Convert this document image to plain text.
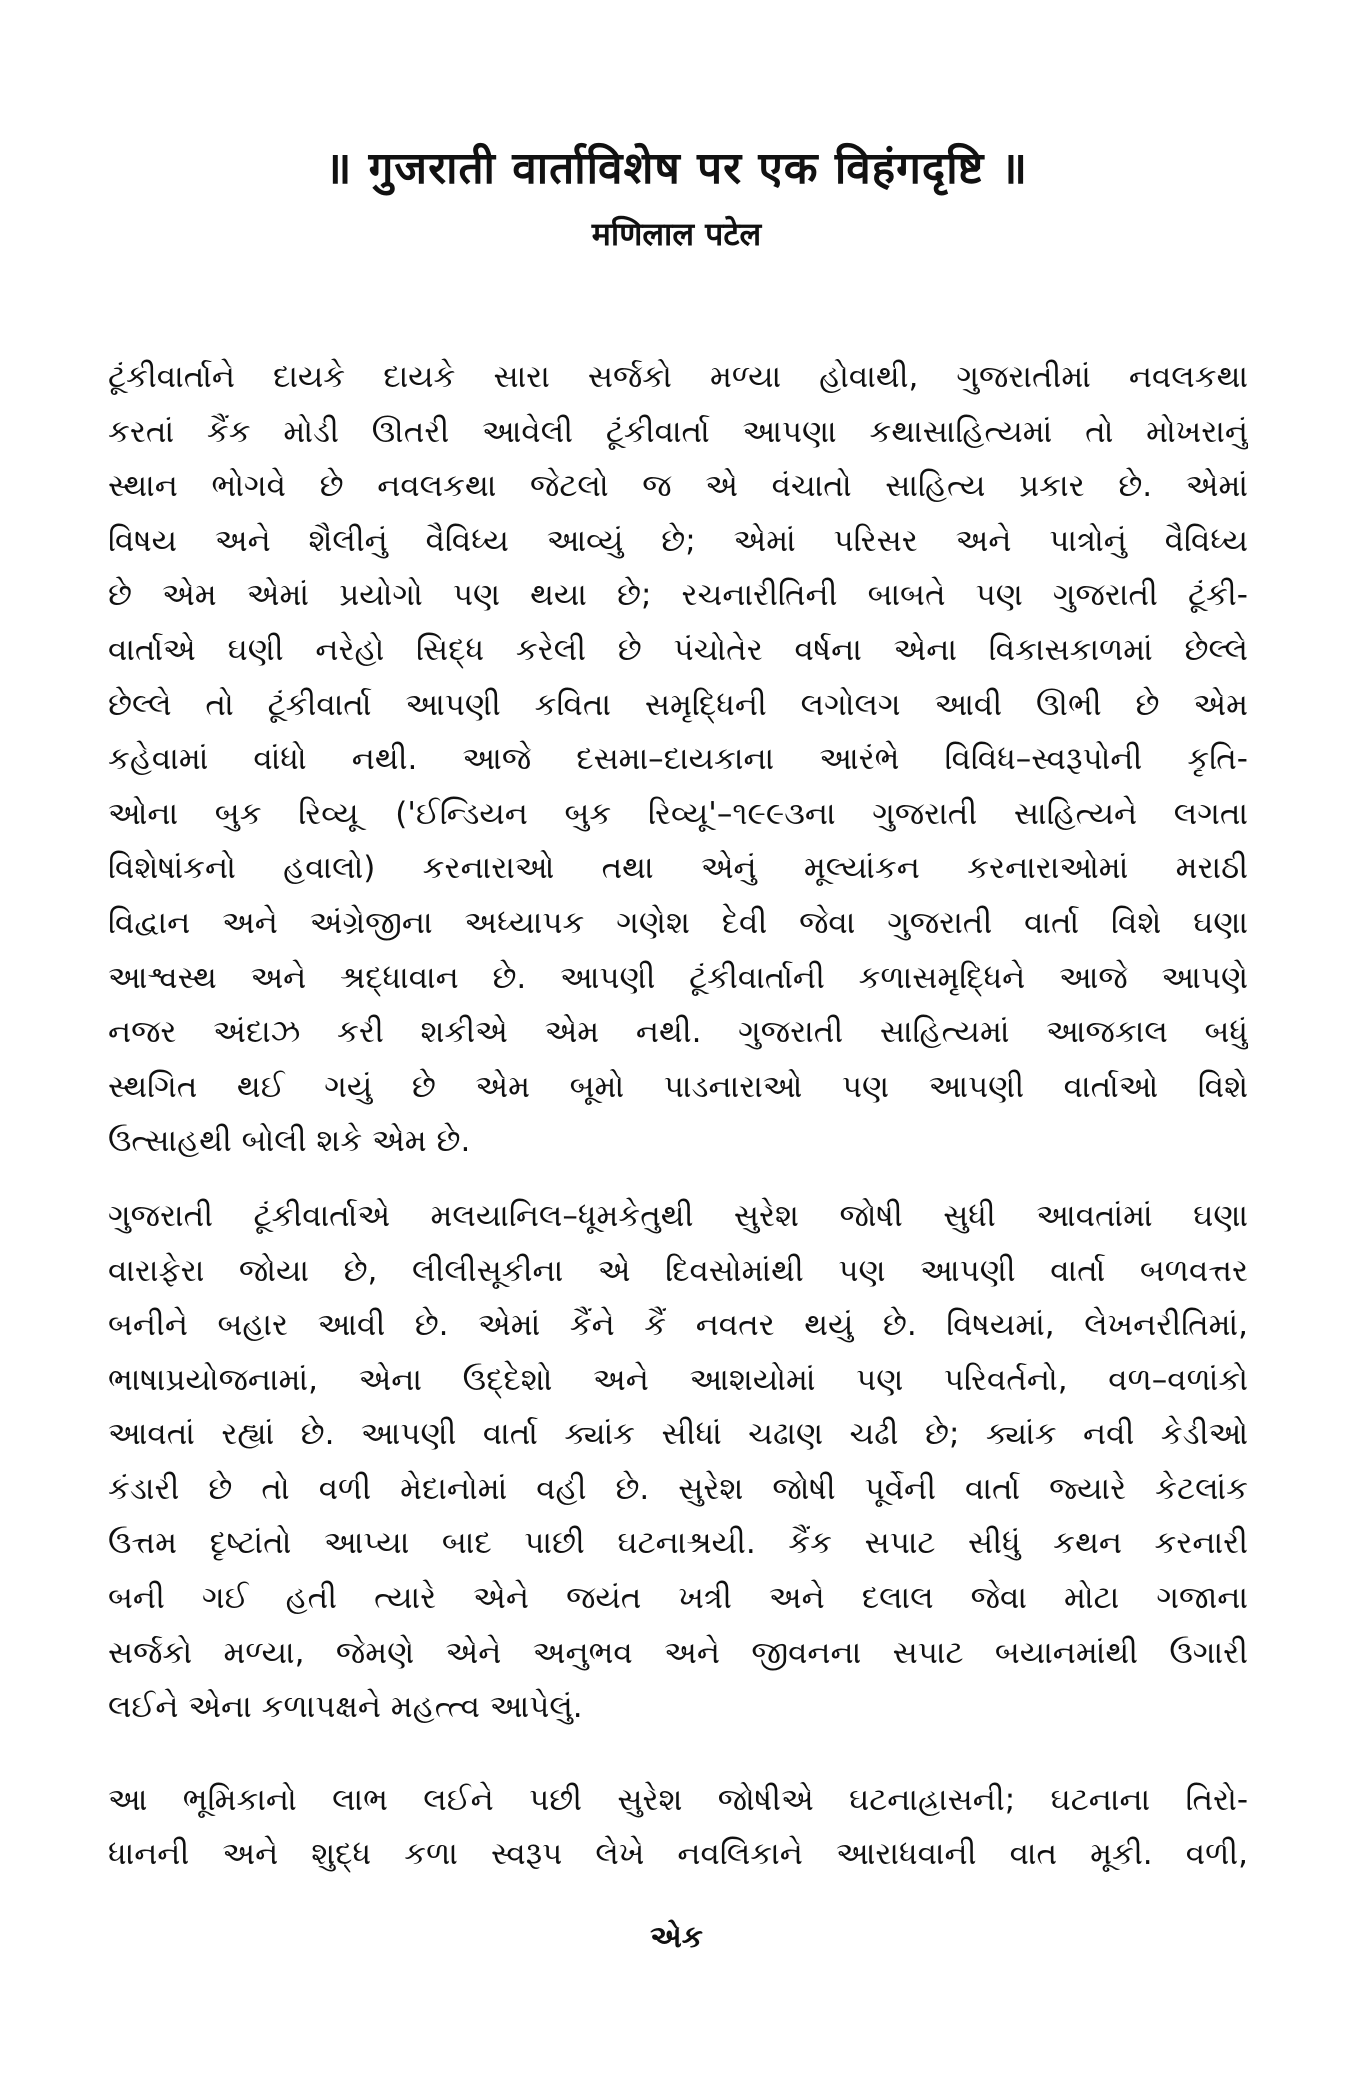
॥ गुजराती वार्ताविशेष पर एक विहंगदृष्टि ॥
मणिलाल पटेल
ટૂંકીવાર્તાને દાયકે દાયકે સારા સર્જકો મળ્યા હોવાથી, ગુજરાતીમાં નવલકથા
કરતાં કૈંક મોડી ઊતરી આવેલી ટૂંકીવાર્તા આપણા કથાસાહિત્યમાં તો મોખરાનું
સ્થાન ભોગવે છે નવલકથા જેટલો જ એ વંચાતો સાહિત્ય પ્રકાર છે. એમાં
વિષય અને શૈલીનું વૈવિધ્ય આવ્યું છે; એમાં પરિસર અને પાત્રોનું વૈવિધ્ય
છે એમ એમાં પ્રયોગો પણ થયા છે; રચનારીતિની બાબતે પણ ગુજરાતી ટૂંકી-
વાર્તાએ ઘણી નરેહો સિદ્ધ કરેલી છે પંચોતેર વર્ષના એના વિકાસકાળમાં છેલ્લે
છેલ્લે તો ટૂંકીવાર્તા આપણી કવિતા સમૃદ્ધિની લગોલગ આવી ઊભી છે એમ
કહેવામાં વાંધો નથી. આજે દસમા–દાયકાના આરંભે વિવિધ–સ્વરૂપોની કૃતિ-
ઓના બુક રિવ્યૂ ('ઈન્ડિયન બુક રિવ્યૂ'–૧૯૯૩ના ગુજરાતી સાહિત્યને લગતા
વિશેષાંકનો હવાલો) કરનારાઓ તથા એનું મૂલ્યાંકન કરનારાઓમાં મરાઠી
વિદ્વાન અને અંગ્રેજીના અધ્યાપક ગણેશ દેવી જેવા ગુજરાતી વાર્તા વિશે ઘણા
આશ્વસ્થ અને શ્રદ્ધાવાન છે. આપણી ટૂંકીવાર્તાની કળાસમૃદ્ધિને આજે આપણે
નજર અંદાઝ કરી શકીએ એમ નથી. ગુજરાતી સાહિત્યમાં આજકાલ બધું
સ્થગિત થઈ ગયું છે એમ બૂમો પાડનારાઓ પણ આપણી વાર્તાઓ વિશે
ઉત્સાહથી બોલી શકે એમ છે.
ગુજરાતી ટૂંકીવાર્તાએ મલયાનિલ–ધૂમકેતુથી સુરેશ જોષી સુધી આવતાંમાં ઘણા
વારાફેરા જોયા છે, લીલીસૂકીના એ દિવસોમાંથી પણ આપણી વાર્તા બળવત્તર
બનીને બહાર આવી છે. એમાં કૈંને કૈં નવતર થયું છે. વિષયમાં, લેખનરીતિમાં,
ભાષાપ્રયોજનામાં, એના ઉદ્દેશો અને આશયોમાં પણ પરિવર્તનો, વળ–વળાંકો
આવતાં રહ્યાં છે. આપણી વાર્તા ક્યાંક સીધાં ચઢાણ ચઢી છે; ક્યાંક નવી કેડીઓ
કંડારી છે તો વળી મેદાનોમાં વહી છે. સુરેશ જોષી પૂર્વેની વાર્તા જ્યારે કેટલાંક
ઉત્તમ દૃષ્ટાંતો આપ્યા બાદ પાછી ઘટનાશ્રયી. કૈંક સપાટ સીધું કથન કરનારી
બની ગઈ હતી ત્યારે એને જયંત ખત્રી અને દલાલ જેવા મોટા ગજાના
સર્જકો મળ્યા, જેમણે એને અનુભવ અને જીવનના સપાટ બયાનમાંથી ઉગારી
લઈને એના કળાપક્ષને મહત્ત્વ આપેલું.
આ ભૂમિકાનો લાભ લઈને પછી સુરેશ જોષીએ ઘટનાહ્રાસની; ઘટનાના તિરો-
ધાનની અને શુદ્ધ કળા સ્વરૂપ લેખે નવલિકાને આરાધવાની વાત મૂકી. વળી,
એક
